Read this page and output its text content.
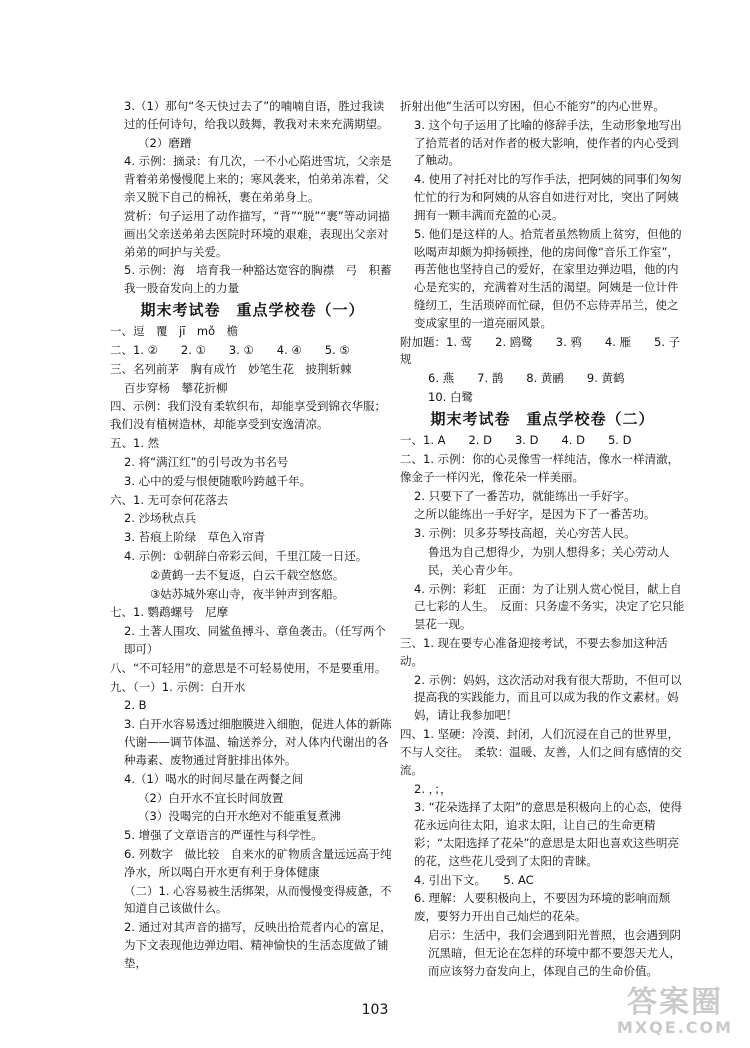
3.（1）那句“冬天快过去了”的喃喃自语，胜过我读过的任何诗句，给我以鼓舞，教我对未来充满期望。

（2）磨蹭

4. 示例：摘录：有几次，一不小心陷进雪坑，父亲是背着弟弟慢慢爬上来的；寒风袭来，怕弟弟冻着，父亲又脱下自己的棉袄，裹在弟弟身上。

赏析：句子运用了动作描写，“背”“脱”“裹”等动词描画出父亲送弟弟去医院时环境的艰难，表现出父亲对弟弟的呵护与关爱。

5. 示例：海　培育我一种豁达宽容的胸襟　弓　积蓄我一股奋发向上的力量

期末考试卷　重点学校卷（一）

一、逗　覆　jī　mǒ　檐

二、1. ②　　2. ①　　3. ①　　4. ④　　5. ⑤

三、名列前茅　胸有成竹　妙笔生花　披荆斩棘

百步穿杨　攀花折柳

四、示例：我们没有柔软织布，却能享受到锦衣华服；我们没有植树造林，却能享受到安逸清凉。

五、1. 然

2. 将“满江红”的引号改为书名号

3. 心中的爱与恨便随歌吟跨越千年。

六、1. 无可奈何花落去

2. 沙场秋点兵

3. 苔痕上阶绿　草色入帘青

4. 示例：①朝辞白帝彩云间，千里江陵一日还。

②黄鹤一去不复返，白云千载空悠悠。

③姑苏城外寒山寺，夜半钟声到客船。

七、1. 鹦鹉螺号　尼摩

2. 土著人围攻、同鲨鱼搏斗、章鱼袭击。（任写两个即可）

八、“不可轻用”的意思是不可轻易使用，不是要重用。

九、（一）1. 示例：白开水

2. B

3. 白开水容易透过细胞膜进入细胞，促进人体的新陈代谢——调节体温、输送养分，对人体内代谢出的各种毒素、废物通过肾脏排出体外。

4.（1）喝水的时间尽量在两餐之间

（2）白开水不宜长时间放置

（3）没喝完的白开水绝对不能重复煮沸

5. 增强了文章语言的严谨性与科学性。

6. 列数字　做比较　自来水的矿物质含量远远高于纯净水，所以喝白开水更有利于身体健康

（二）1. 心容易被生活绑架，从而慢慢变得疲惫，不知道自己该做什么。

2. 通过对其声音的描写，反映出拾荒者内心的富足，为下文表现他边弹边唱、精神愉快的生活态度做了铺垫，

折射出他“生活可以穷困，但心不能穷”的内心世界。

3. 这个句子运用了比喻的修辞手法，生动形象地写出了拾荒者的话对作者的极大影响，使作者的内心受到了触动。

4. 使用了衬托对比的写作手法，把阿姨的同事们匆匆忙忙的行为和阿姨的从容自如进行对比，突出了阿姨拥有一颗丰满而充盈的心灵。

5. 他们是这样的人。拾荒者虽然物质上贫穷，但他的吆喝声却颇为抑扬顿挫，他的房间像“音乐工作室”，再苦他也坚持自己的爱好，在家里边弹边唱，他的内心是充实的，充满着对生活的渴望。阿姨是一位计件缝纫工，生活琐碎而忙碌，但仍不忘侍弄吊兰，使之变成家里的一道亮丽风景。

附加题：1. 莺　　2. 鸥鹭　　3. 鸦　　4. 雁　　5. 子规

6. 燕　　7. 鹊　　8. 黄鹂　　9. 黄鹤

10. 白鹭

期末考试卷　重点学校卷（二）

一、1. A　　2. D　　3. D　　4. D　　5. D

二、1. 示例：你的心灵像雪一样纯洁，像水一样清澈，像金子一样闪光，像花朵一样美丽。

2. 只要下了一番苦功，就能练出一手好字。

之所以能练出一手好字，是因为下了一番苦功。

3. 示例：贝多芬琴技高超，关心穷苦人民。

鲁迅为自己想得少，为别人想得多；关心劳动人民，关心青少年。

4. 示例：彩虹　正面：为了让别人赏心悦目，献上自己七彩的人生。　反面：只务虚不务实，决定了它只能昙花一现。

三、1. 现在要专心准备迎接考试，不要去参加这种活动。

2. 示例：妈妈，这次活动对我有很大帮助，不但可以提高我的实践能力，而且可以成为我的作文素材。妈妈，请让我参加吧！

四、1. 坚硬：冷漠、封闭，人们沉浸在自己的世界里，不与人交往。　柔软：温暖、友善，人们之间有感情的交流。

2. ，；，

3. “花朵选择了太阳”的意思是积极向上的心态，使得花永远向往太阳，追求太阳，让自己的生命更精彩；“太阳选择了花朵”的意思是太阳也喜欢这些明亮的花，这些花儿受到了太阳的青睐。

4. 引出下文。　　5. AC

6. 理解：人要积极向上，不要因为环境的影响而颓废，要努力开出自己灿烂的花朵。

启示：生活中，我们会遇到阳光普照，也会遇到阴沉黑暗，但无论在怎样的环境中都不要怨天尤人，而应该努力奋发向上，体现自己的生命价值。

103	答案圈
MXQE.COM
